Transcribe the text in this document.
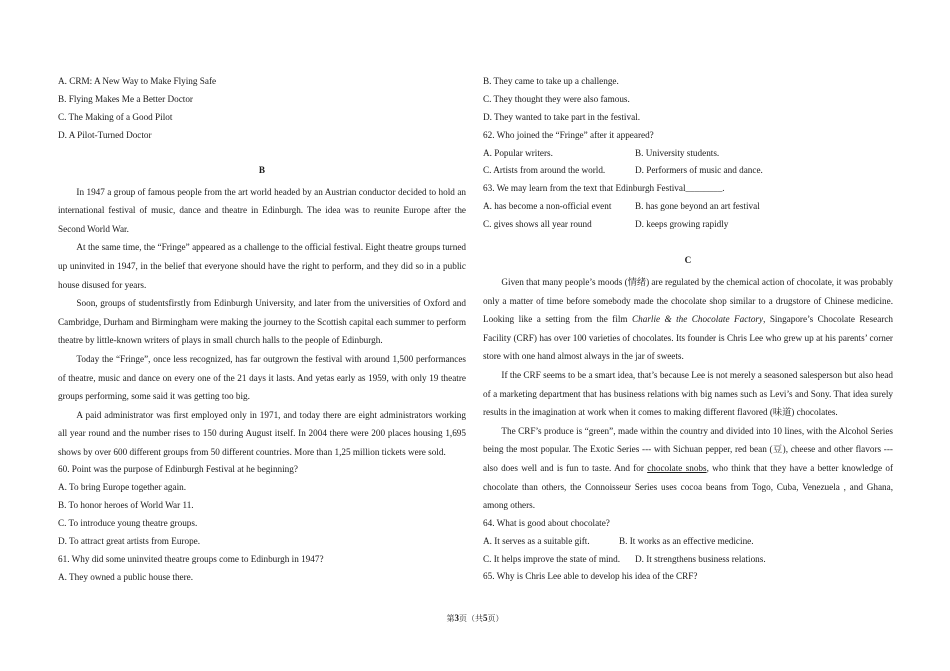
A. CRM: A New Way to Make Flying Safe
B. Flying Makes Me a Better Doctor
C. The Making of a Good Pilot
D. A Pilot-Turned Doctor
B

In 1947 a group of famous people from the art world headed by an Austrian conductor decided to hold an international festival of music, dance and theatre in Edinburgh. The idea was to reunite Europe after the Second World War.

At the same time, the “Fringe” appeared as a challenge to the official festival. Eight theatre groups turned up uninvited in 1947, in the belief that everyone should have the right to perform, and they did so in a public house disused for years.

Soon, groups of studentsfirstly from Edinburgh University, and later from the universities of Oxford and Cambridge, Durham and Birmingham were making the journey to the Scottish capital each summer to perform theatre by little-known writers of plays in small church halls to the people of Edinburgh.

Today the “Fringe”, once less recognized, has far outgrown the festival with around 1,500 performances of theatre, music and dance on every one of the 21 days it lasts. And yetas early as 1959, with only 19 theatre groups performing, some said it was getting too big.

A paid administrator was first employed only in 1971, and today there are eight administrators working all year round and the number rises to 150 during August itself. In 2004 there were 200 places housing 1,695 shows by over 600 different groups from 50 different countries. More than 1,25 million tickets were sold.

60. Point was the purpose of Edinburgh Festival at he beginning?
A. To bring Europe together again.
B. To honor heroes of World War 11.
C. To introduce young theatre groups.
D. To attract great artists from Europe.
61. Why did some uninvited theatre groups come to Edinburgh in 1947?
A. They owned a public house there.
B. They came to take up a challenge.
C. They thought they were also famous.
D. They wanted to take part in the festival.
62. Who joined the “Fringe” after it appeared?
A. Popular writers.	B. University students.
C. Artists from around the world.	D. Performers of music and dance.
63. We may learn from the text that Edinburgh Festival________.
A. has become a non-official event	B. has gone beyond an art festival
C. gives shows all year round	D. keeps growing rapidly
C

Given that many people’s moods (情绪) are regulated by the chemical action of chocolate, it was probably only a matter of time before somebody made the chocolate shop similar to a drugstore of Chinese medicine. Looking like a setting from the film Charlie & the Chocolate Factory, Singapore’s Chocolate Research Facility (CRF) has over 100 varieties of chocolates. Its founder is Chris Lee who grew up at his parents’ corner store with one hand almost always in the jar of sweets.

If the CRF seems to be a smart idea, that’s because Lee is not merely a seasoned salesperson but also head of a marketing department that has business relations with big names such as Levi’s and Sony. That idea surely results in the imagination at work when it comes to making different flavored (味道) chocolates.

The CRF’s produce is “green”, made within the country and divided into 10 lines, with the Alcohol Series being the most popular. The Exotic Series --- with Sichuan pepper, red bean (豆), cheese and other flavors --- also does well and is fun to taste. And for chocolate snobs, who think that they have a better knowledge of chocolate than others, the Connoisseur Series uses cocoa beans from Togo, Cuba, Venezuela , and Ghana, among others.

64. What is good about chocolate?
A. It serves as a suitable gift.	B. It works as an effective medicine.
C. It helps improve the state of mind.	D. It strengthens business relations.
65. Why is Chris Lee able to develop his idea of the CRF?
第3页（共5页）
